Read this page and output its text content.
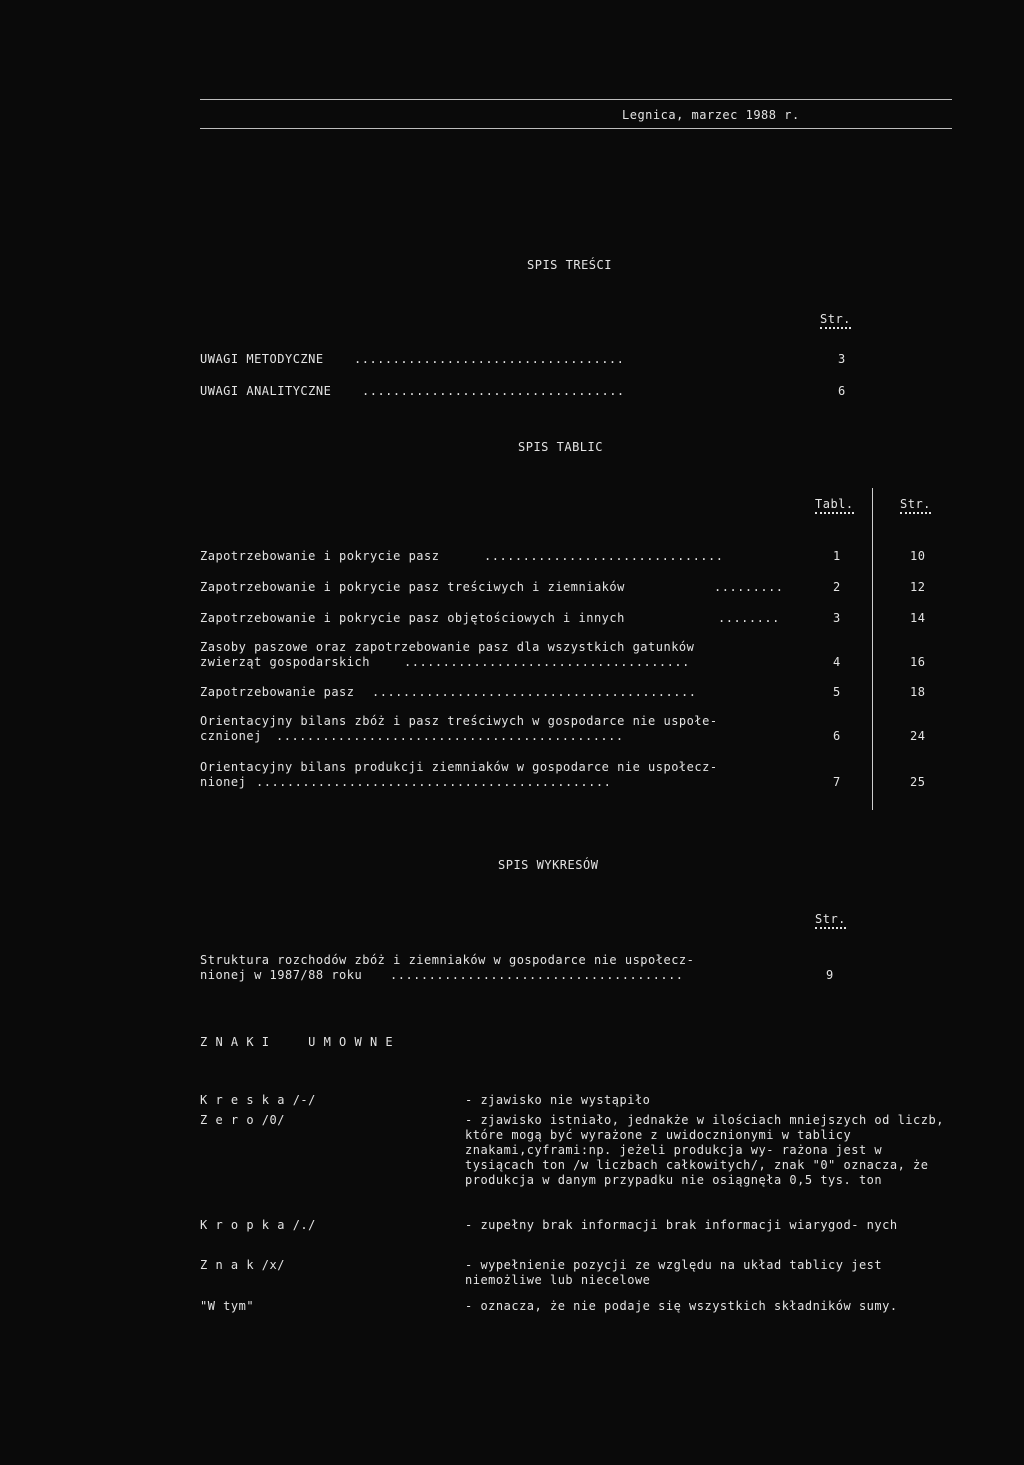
Legnica, marzec 1988 r.
SPIS TREŚCI
Str.
UWAGI METODYCZNE	...................................	3
UWAGI ANALITYCZNE	..................................	6
SPIS TABLIC
Tabl.	Str.
Zapotrzebowanie i pokrycie pasz	...............................	1	10
Zapotrzebowanie i pokrycie pasz treściwych i ziemniaków	.........	2	12
Zapotrzebowanie i pokrycie pasz objętościowych i innych	........	3	14
Zasoby paszowe oraz zapotrzebowanie pasz dla wszystkich gatunków
zwierząt gospodarskich	.....................................	4	16
Zapotrzebowanie pasz ..........................................	5	18
Orientacyjny bilans zbóż i pasz treściwych w gospodarce nie uspołe-
cznionej .............................................	6	24
Orientacyjny bilans produkcji ziemniaków w gospodarce nie uspołecz-
nionej ..............................................	7	25
SPIS WYKRESÓW
Str.
Struktura rozchodów zbóż i ziemniaków w gospodarce nie uspołecz-
nionej w 1987/88 roku ......................................	9
Z N A K I     U M O W N E
K r e s k a /-/	- zjawisko nie wystąpiło
Z e r o /0/	- zjawisko istniało, jednakże w ilościach mniejszych od liczb, które mogą być wyrażone z uwidocznionymi w tablicy znakami,cyframi:np. jeżeli produkcja wy- rażona jest w tysiącach ton /w liczbach całkowitych/, znak "0" oznacza, że produkcja w danym przypadku nie osiągnęła 0,5 tys. ton
K r o p k a /./	- zupełny brak informacji brak informacji wiarygod- nych
Z n a k /x/	- wypełnienie pozycji ze względu na układ tablicy jest niemożliwe lub niecelowe
"W tym"	- oznacza, że nie podaje się wszystkich składników sumy.
